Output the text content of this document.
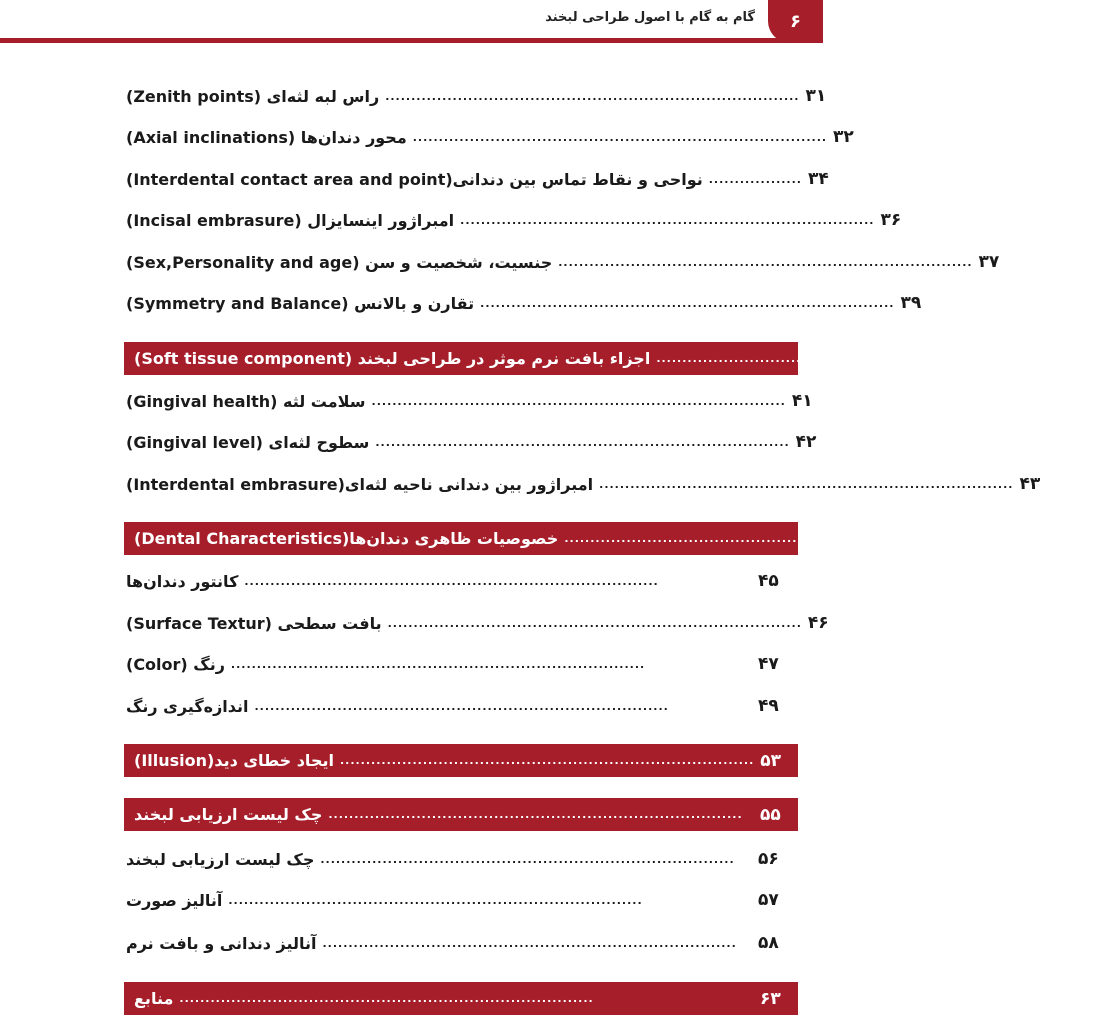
۶
گام به گام با اصول طراحی لبخند
راس لبه لثه‌ای (Zenith points) ................................................................................ ۳۱
محور دندان‌ها (Axial inclinations) ................................................................................ ۳۲
نواحی و نقاط تماس بین دندانی(Interdental contact area and point) .................. ۳۴
امبراژور اینسایزال (Incisal embrasure) ................................................................................ ۳۶
جنسیت، شخصیت و سن (Sex,Personality and age) ................................................................................ ۳۷
تقارن و بالانس (Symmetry and Balance) ................................................................................ ۳۹
اجزاء بافت نرم موثر در طراحی لبخند (Soft tissue component) ................................................................................ ۴۱
سلامت لثه (Gingival health) ................................................................................ ۴۱
سطوح لثه‌ای (Gingival level) ................................................................................ ۴۲
امبراژور بین دندانی ناحیه لثه‌ای(Interdental embrasure) ................................................................................ ۴۳
خصوصیات ظاهری دندان‌ها(Dental Characteristics) ................................................................................ ۴۵
کانتور دندان‌ها ................................................................................	۴۵
بافت سطحی (Surface Textur) ................................................................................ ۴۶
رنگ (Color) ................................................................................	۴۷
اندازه‌گیری رنگ ................................................................................	۴۹
ایجاد خطای دید(Illusion) ................................................................................ ۵۳
چک لیست ارزیابی لبخند ................................................................................	۵۵
چک لیست ارزیابی لبخند ................................................................................	۵۶
آنالیز صورت ................................................................................	۵۷
آنالیز دندانی و بافت نرم ................................................................................	۵۸
منابع ................................................................................	۶۳
